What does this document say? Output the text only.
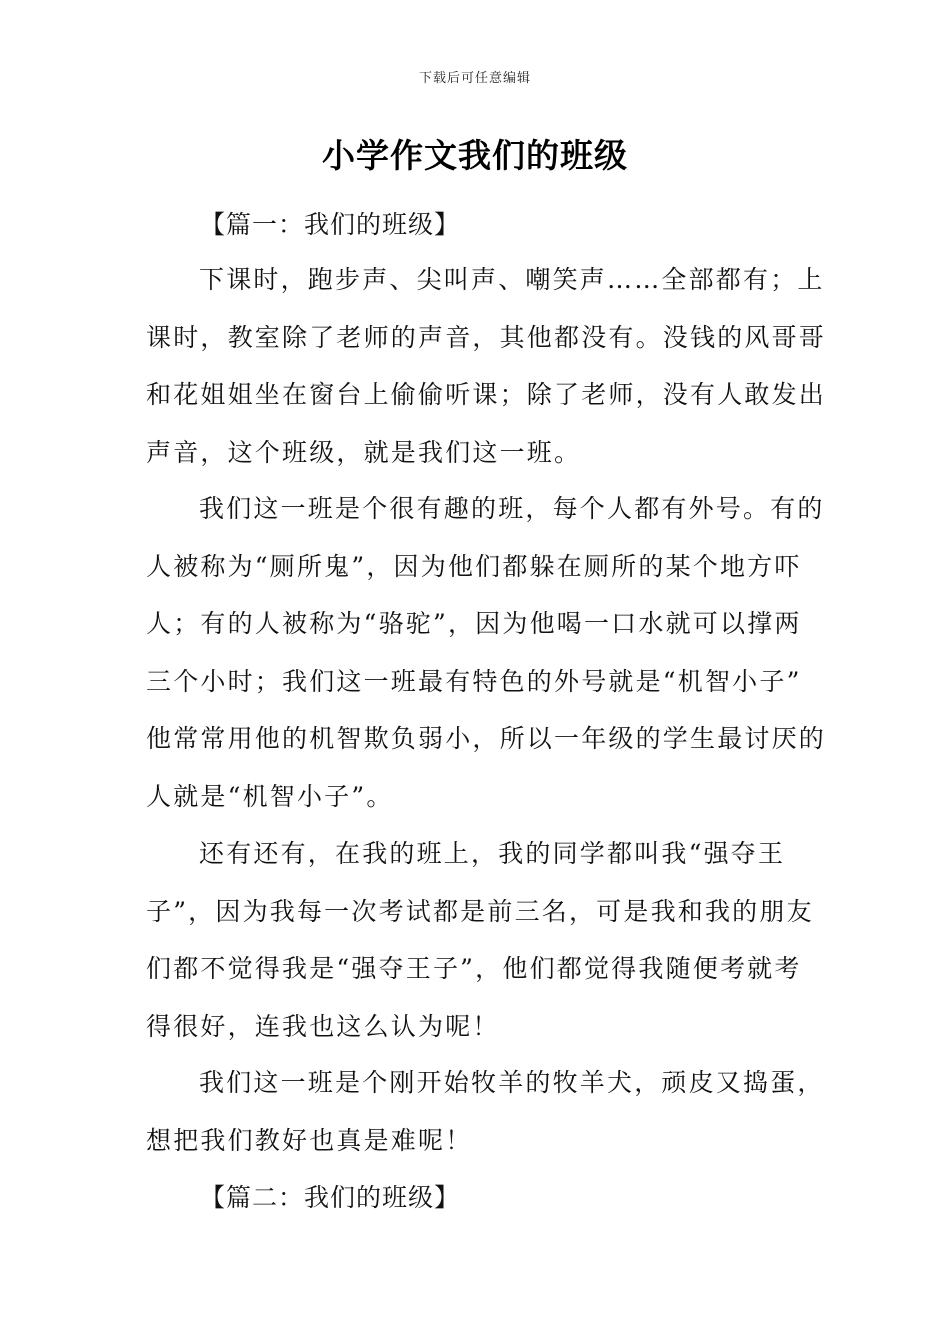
下载后可任意编辑
小学作文我们的班级
【篇一：我们的班级】
下课时，跑步声、尖叫声、嘲笑声……全部都有；上
课时，教室除了老师的声音，其他都没有。没钱的风哥哥
和花姐姐坐在窗台上偷偷听课；除了老师，没有人敢发出
声音，这个班级，就是我们这一班。
我们这一班是个很有趣的班，每个人都有外号。有的
人被称为“厕所鬼”，因为他们都躲在厕所的某个地方吓
人；有的人被称为“骆驼”，因为他喝一口水就可以撑两
三个小时；我们这一班最有特色的外号就是“机智小子”
他常常用他的机智欺负弱小，所以一年级的学生最讨厌的
人就是“机智小子”。
还有还有，在我的班上，我的同学都叫我“强夺王
子”，因为我每一次考试都是前三名，可是我和我的朋友
们都不觉得我是“强夺王子”，他们都觉得我随便考就考
得很好，连我也这么认为呢！
我们这一班是个刚开始牧羊的牧羊犬，顽皮又捣蛋，
想把我们教好也真是难呢！
【篇二：我们的班级】
